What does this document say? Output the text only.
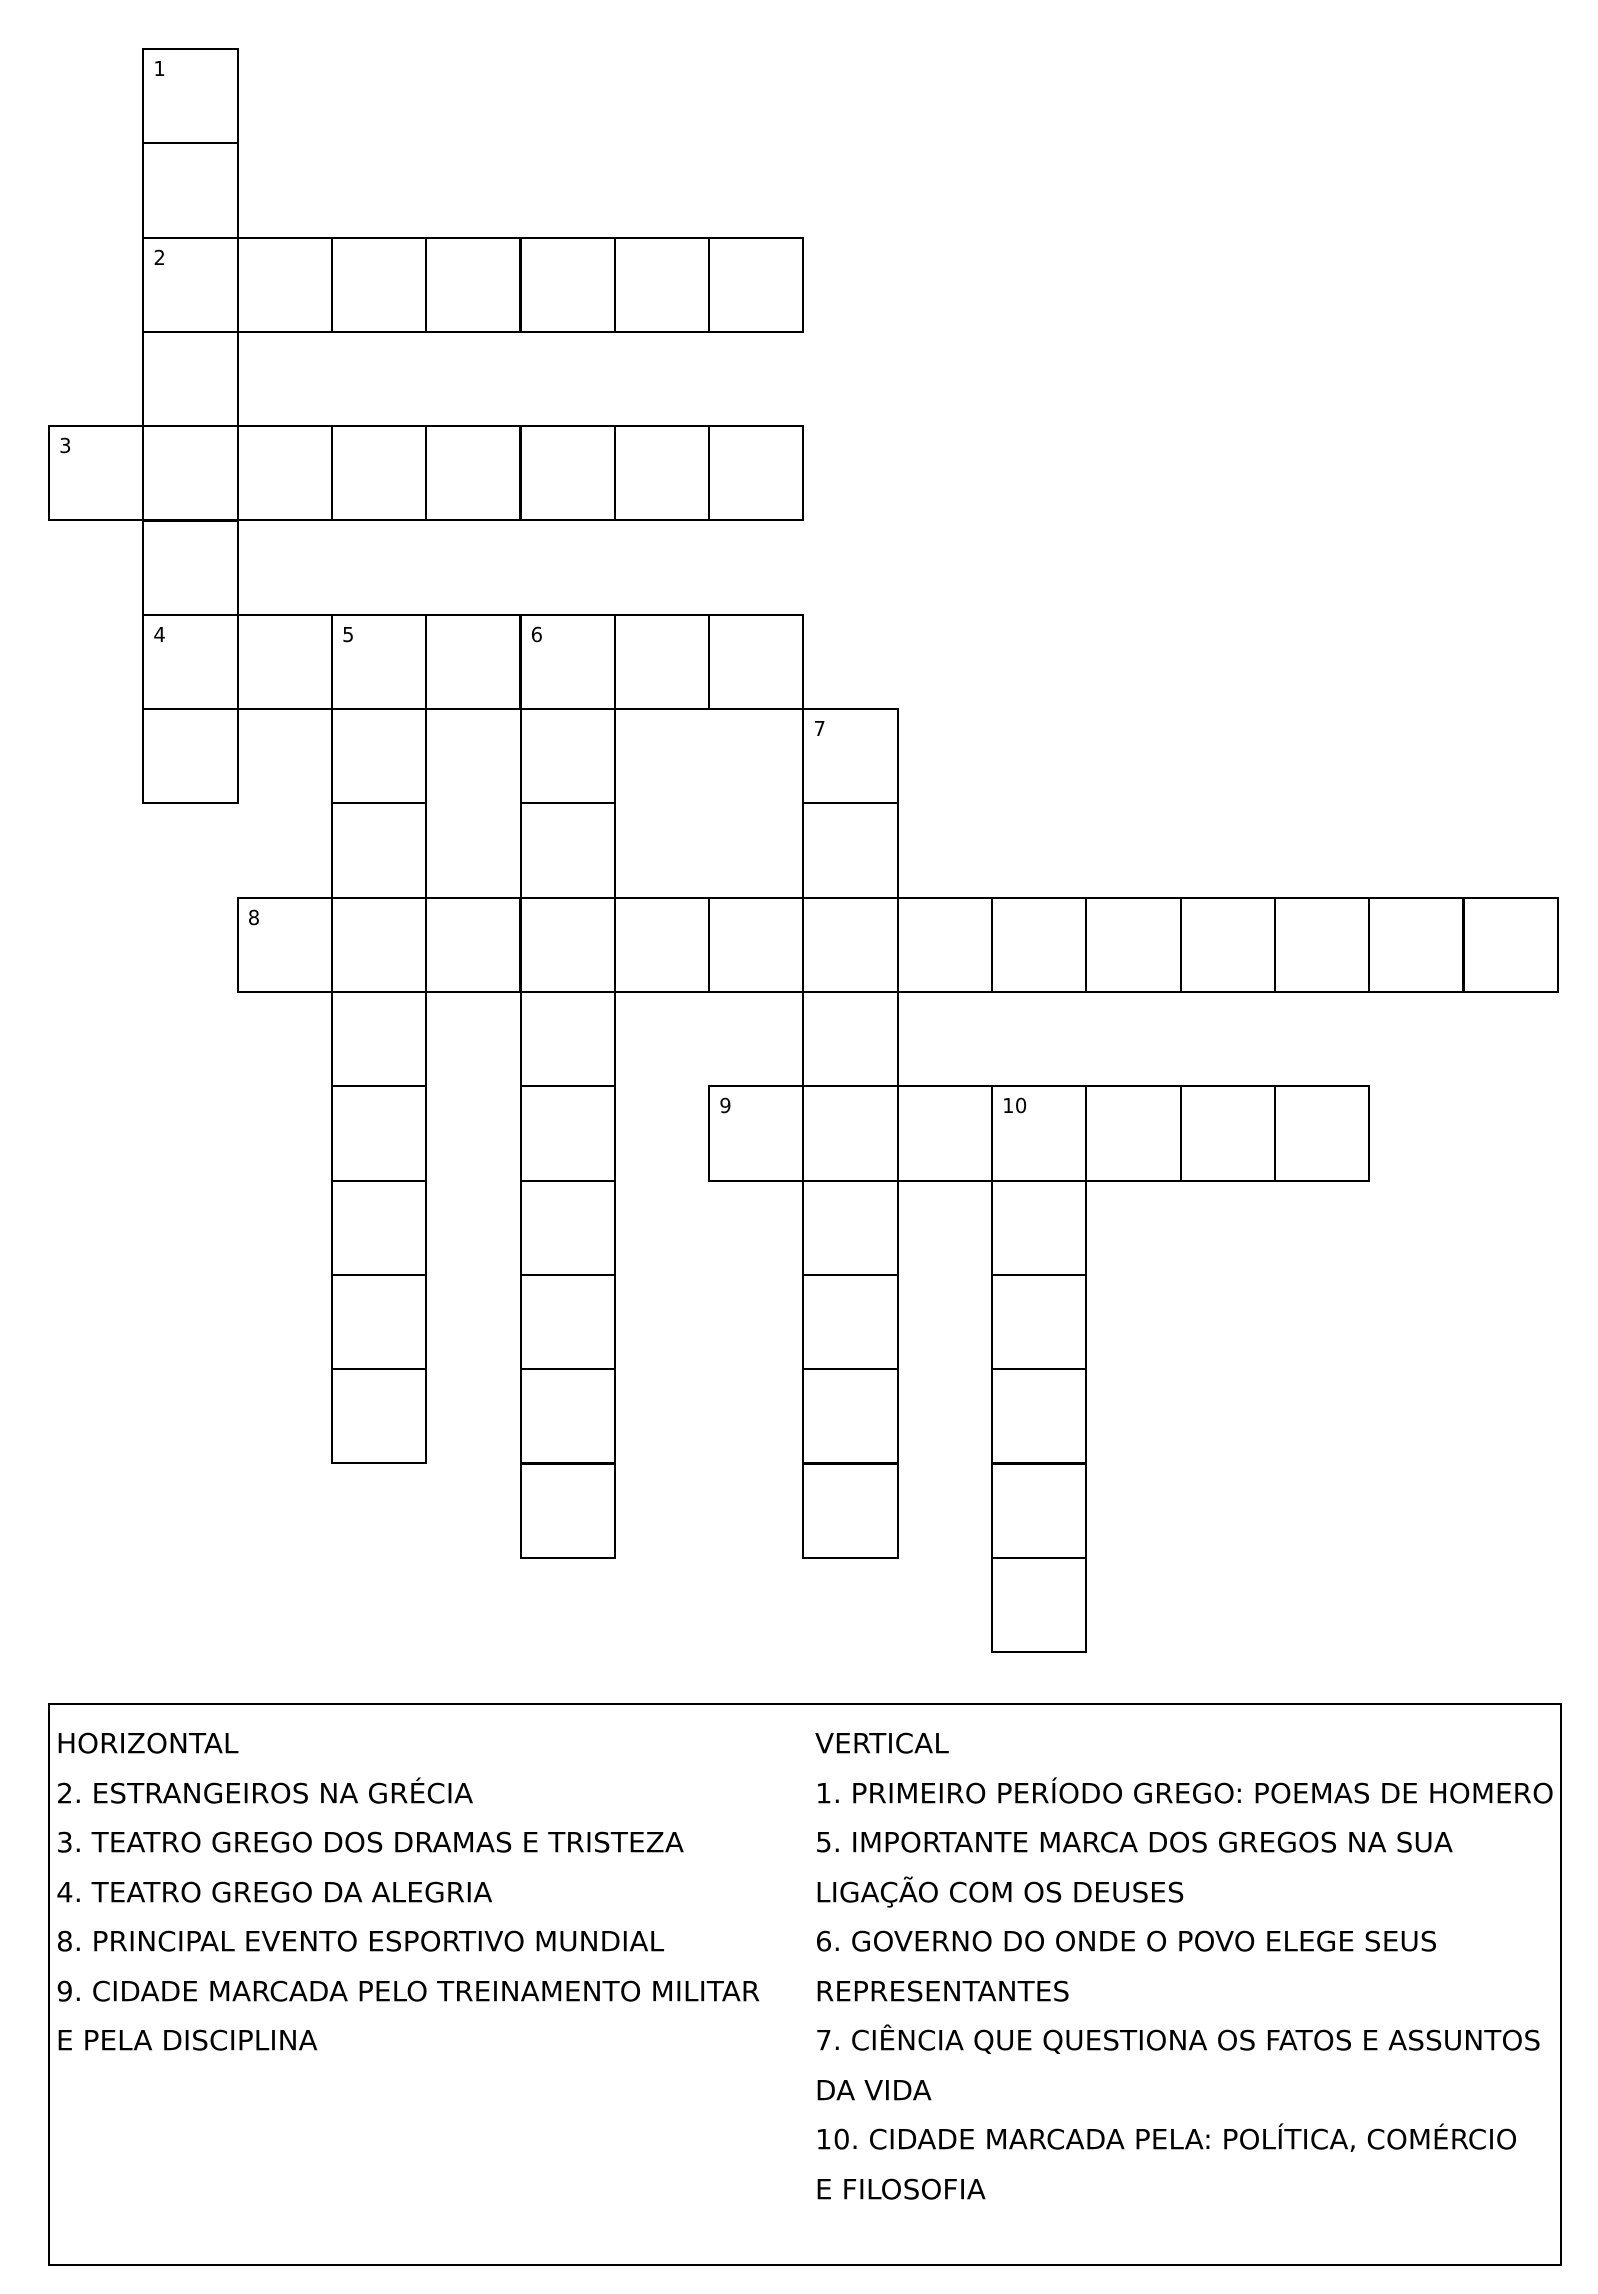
2
3
4	5	6
8
9	10
1
7
HORIZONTAL
2. ESTRANGEIROS NA GRÉCIA
3. TEATRO GREGO DOS DRAMAS E TRISTEZA
4. TEATRO GREGO DA ALEGRIA
8. PRINCIPAL EVENTO ESPORTIVO MUNDIAL
9. CIDADE MARCADA PELO TREINAMENTO MILITAR
E PELA DISCIPLINA
VERTICAL
1. PRIMEIRO PERÍODO GREGO: POEMAS DE HOMERO
5. IMPORTANTE MARCA DOS GREGOS NA SUA
LIGAÇÃO COM OS DEUSES
6. GOVERNO DO ONDE O POVO ELEGE SEUS
REPRESENTANTES
7. CIÊNCIA QUE QUESTIONA OS FATOS E ASSUNTOS
DA VIDA
10. CIDADE MARCADA PELA: POLÍTICA, COMÉRCIO
E FILOSOFIA
